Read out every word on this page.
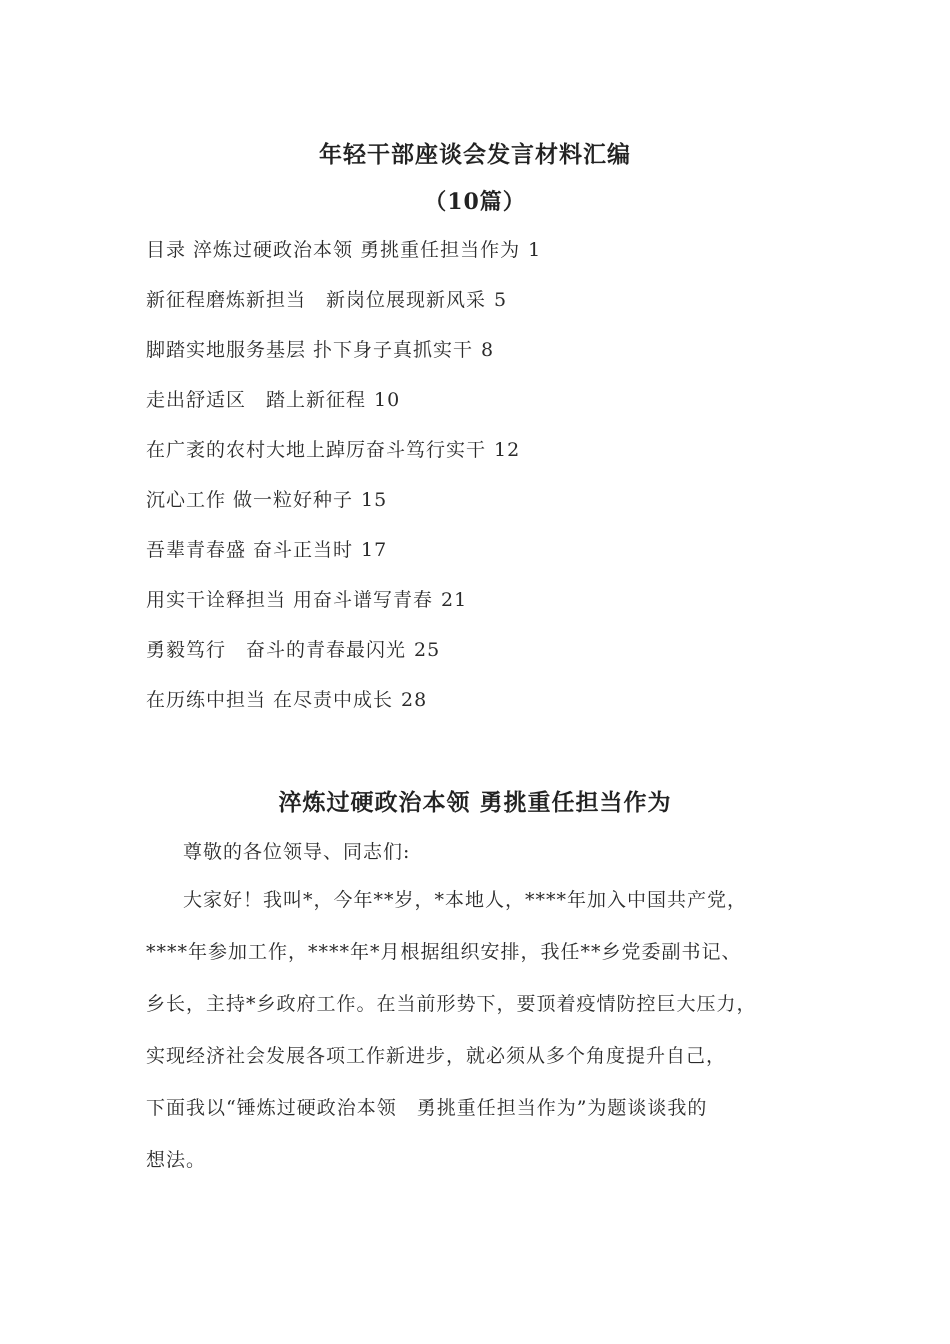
年轻干部座谈会发言材料汇编
（10篇）
目录 淬炼过硬政治本领 勇挑重任担当作为 1
新征程磨炼新担当　新岗位展现新风采 5
脚踏实地服务基层 扑下身子真抓实干 8
走出舒适区　踏上新征程 10
在广袤的农村大地上踔厉奋斗笃行实干 12
沉心工作 做一粒好种子 15
吾辈青春盛 奋斗正当时 17
用实干诠释担当 用奋斗谱写青春 21
勇毅笃行　奋斗的青春最闪光 25
在历练中担当 在尽责中成长 28
淬炼过硬政治本领 勇挑重任担当作为

尊敬的各位领导、同志们:

大家好！我叫*，今年**岁，*本地人，****年加入中国共产党，
****年参加工作，****年*月根据组织安排，我任**乡党委副书记、
乡长，主持*乡政府工作。在当前形势下，要顶着疫情防控巨大压力，
实现经济社会发展各项工作新进步，就必须从多个角度提升自己，
下面我以“锤炼过硬政治本领　勇挑重任担当作为”为题谈谈我的
想法。
